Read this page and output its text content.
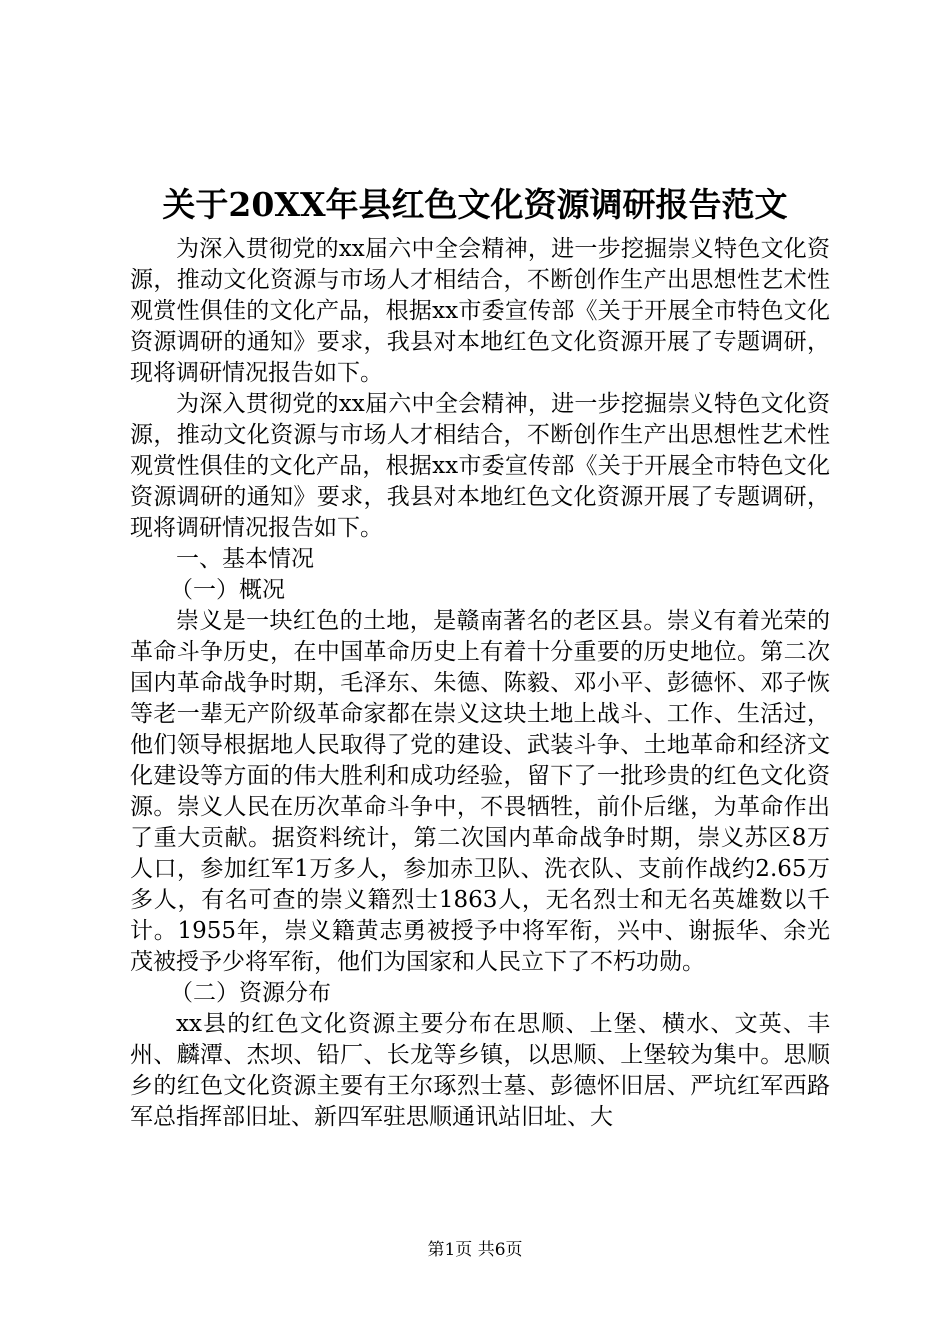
关于20XX年县红色文化资源调研报告范文

为深入贯彻党的xx届六中全会精神，进一步挖掘崇义特色文化资源，推动文化资源与市场人才相结合，不断创作生产出思想性艺术性观赏性俱佳的文化产品，根据xx市委宣传部《关于开展全市特色文化资源调研的通知》要求，我县对本地红色文化资源开展了专题调研，现将调研情况报告如下。

为深入贯彻党的xx届六中全会精神，进一步挖掘崇义特色文化资源，推动文化资源与市场人才相结合，不断创作生产出思想性艺术性观赏性俱佳的文化产品，根据xx市委宣传部《关于开展全市特色文化资源调研的通知》要求，我县对本地红色文化资源开展了专题调研，现将调研情况报告如下。

一、基本情况

（一）概况

崇义是一块红色的土地，是赣南著名的老区县。崇义有着光荣的革命斗争历史，在中国革命历史上有着十分重要的历史地位。第二次国内革命战争时期，毛泽东、朱德、陈毅、邓小平、彭德怀、邓子恢等老一辈无产阶级革命家都在崇义这块土地上战斗、工作、生活过，他们领导根据地人民取得了党的建设、武装斗争、土地革命和经济文化建设等方面的伟大胜利和成功经验，留下了一批珍贵的红色文化资源。崇义人民在历次革命斗争中，不畏牺牲，前仆后继，为革命作出了重大贡献。据资料统计，第二次国内革命战争时期，崇义苏区8万人口，参加红军1万多人，参加赤卫队、洗衣队、支前作战约2.65万多人，有名可查的崇义籍烈士1863人，无名烈士和无名英雄数以千计。1955年，崇义籍黄志勇被授予中将军衔，兴中、谢振华、余光茂被授予少将军衔，他们为国家和人民立下了不朽功勋。

（二）资源分布

xx县的红色文化资源主要分布在思顺、上堡、横水、文英、丰州、麟潭、杰坝、铅厂、长龙等乡镇，以思顺、上堡较为集中。思顺乡的红色文化资源主要有王尔琢烈士墓、彭德怀旧居、严坑红军西路军总指挥部旧址、新四军驻思顺通讯站旧址、大

第1页 共6页
